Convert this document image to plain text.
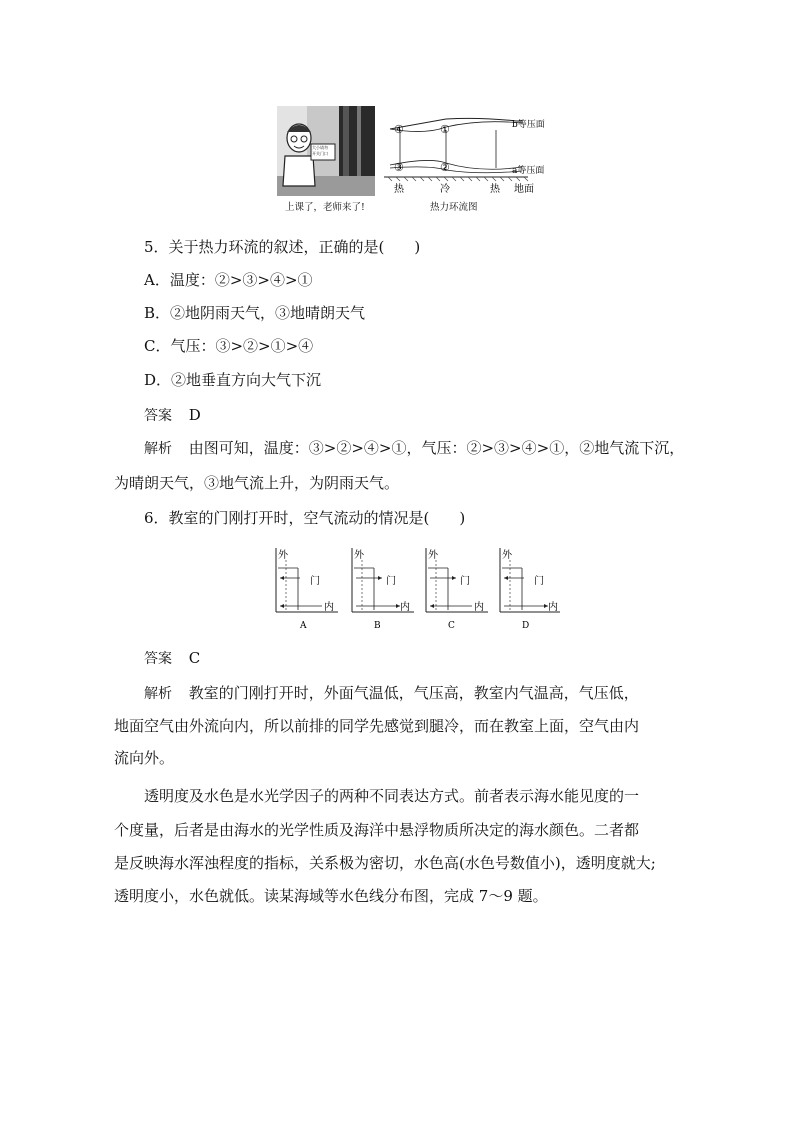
大小请勿
开关门口
上课了，老师来了!
④	①
③	②
b等压面
a等压面
热	冷	热 地面
热力环流图
5．关于热力环流的叙述，正确的是(　　)
A．温度：②>③>④>①
B．②地阴雨天气，③地晴朗天气
C．气压：③>②>①>④
D．②地垂直方向大气下沉
答案 D
解析 由图可知，温度：③>②>④>①，气压：②>③>④>①，②地气流下沉，
为晴朗天气，③地气流上升，为阴雨天气。
6．教室的门刚打开时，空气流动的情况是(　　)
外
门
内
外
门
内
外
门
内
外
门
内
A	B	C	D
答案 C
解析 教室的门刚打开时，外面气温低，气压高，教室内气温高，气压低，
地面空气由外流向内，所以前排的同学先感觉到腿冷，而在教室上面，空气由内
流向外。
透明度及水色是水光学因子的两种不同表达方式。前者表示海水能见度的一
个度量，后者是由海水的光学性质及海洋中悬浮物质所决定的海水颜色。二者都
是反映海水浑浊程度的指标，关系极为密切，水色高(水色号数值小)，透明度就大;
透明度小，水色就低。读某海域等水色线分布图，完成 7～9 题。
